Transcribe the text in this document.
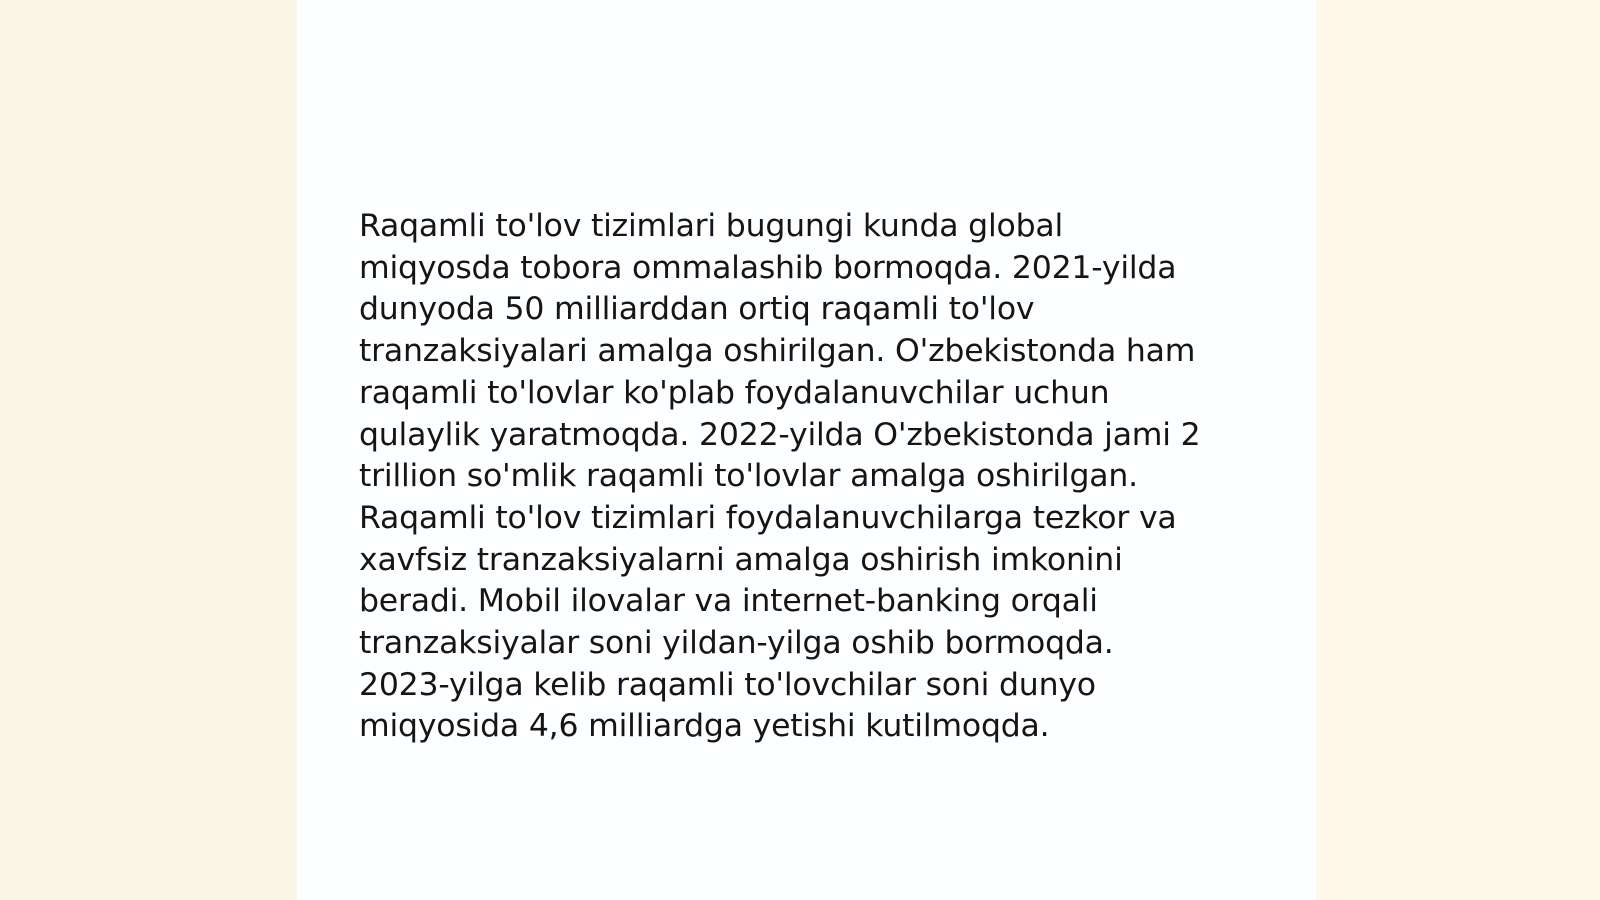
Raqamli to'lov tizimlari bugungi kunda global
miqyosda tobora ommalashib bormoqda. 2021-yilda
dunyoda 50 milliarddan ortiq raqamli to'lov
tranzaksiyalari amalga oshirilgan. O'zbekistonda ham
raqamli to'lovlar ko'plab foydalanuvchilar uchun
qulaylik yaratmoqda. 2022-yilda O'zbekistonda jami 2
trillion so'mlik raqamli to'lovlar amalga oshirilgan.
Raqamli to'lov tizimlari foydalanuvchilarga tezkor va
xavfsiz tranzaksiyalarni amalga oshirish imkonini
beradi. Mobil ilovalar va internet-banking orqali
tranzaksiyalar soni yildan-yilga oshib bormoqda.
2023-yilga kelib raqamli to'lovchilar soni dunyo
miqyosida 4,6 milliardga yetishi kutilmoqda.
